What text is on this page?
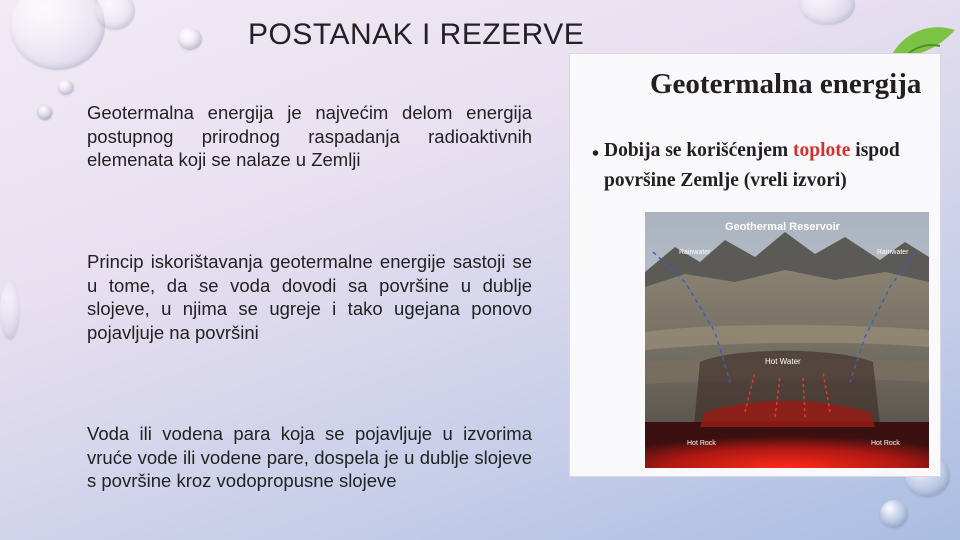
POSTANAK I REZERVE

Geotermalna energija je najvećim delom energija postupnog prirodnog raspadanja radioaktivnih elemenata koji se nalaze u Zemlji

Princip iskorištavanja geotermalne energije sastoji se u tome, da se voda dovodi sa površine u dublje slojeve, u njima se ugreje i tako ugejana ponovo pojavljuje na površini

Voda ili vodena para koja se pojavljuje u izvorima vruće vode ili vodene pare, dospela je u dublje slojeve s površine kroz vodopropusne slojeve

Geotermalna energija
• Dobija se korišćenjem toplote ispod

površine Zemlje (vreli izvori)

Geothermal Reservoir
Rainwater	Rainwater
Hot Water
Hot Rock	Hot Rock
